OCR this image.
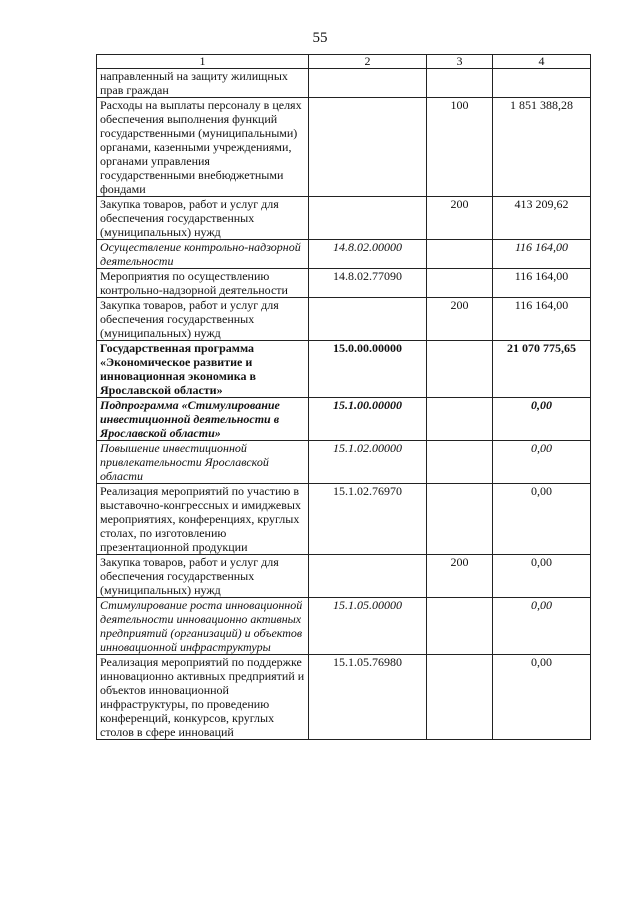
55
1	2	3	4
направленный на защиту жилищных прав граждан			
Расходы на выплаты персоналу в целях обеспечения выполнения функций государственными (муниципальными) органами, казенными учреждениями, органами управления государственными внебюджетными фондами		100	1 851 388,28
Закупка товаров, работ и услуг для обеспечения государственных (муниципальных) нужд		200	413 209,62
Осуществление контрольно-надзорной деятельности	14.8.02.00000		116 164,00
Мероприятия по осуществлению контрольно-надзорной деятельности	14.8.02.77090		116 164,00
Закупка товаров, работ и услуг для обеспечения государственных (муниципальных) нужд		200	116 164,00
Государственная программа «Экономическое развитие и инновационная экономика в Ярославской области»	15.0.00.00000		21 070 775,65
Подпрограмма «Стимулирование инвестиционной деятельности в Ярославской области»	15.1.00.00000		0,00
Повышение инвестиционной привлекательности Ярославской области	15.1.02.00000		0,00
Реализация мероприятий по участию в выставочно-конгрессных и имиджевых мероприятиях, конференциях, круглых столах, по изготовлению презентационной продукции	15.1.02.76970		0,00
Закупка товаров, работ и услуг для обеспечения государственных (муниципальных) нужд		200	0,00
Стимулирование роста инновационной деятельности инновационно активных предприятий (организаций) и объектов инновационной инфраструктуры	15.1.05.00000		0,00
Реализация мероприятий по поддержке инновационно активных предприятий и объектов инновационной инфраструктуры, по проведению конференций, конкурсов, круглых столов в сфере инноваций	15.1.05.76980		0,00
